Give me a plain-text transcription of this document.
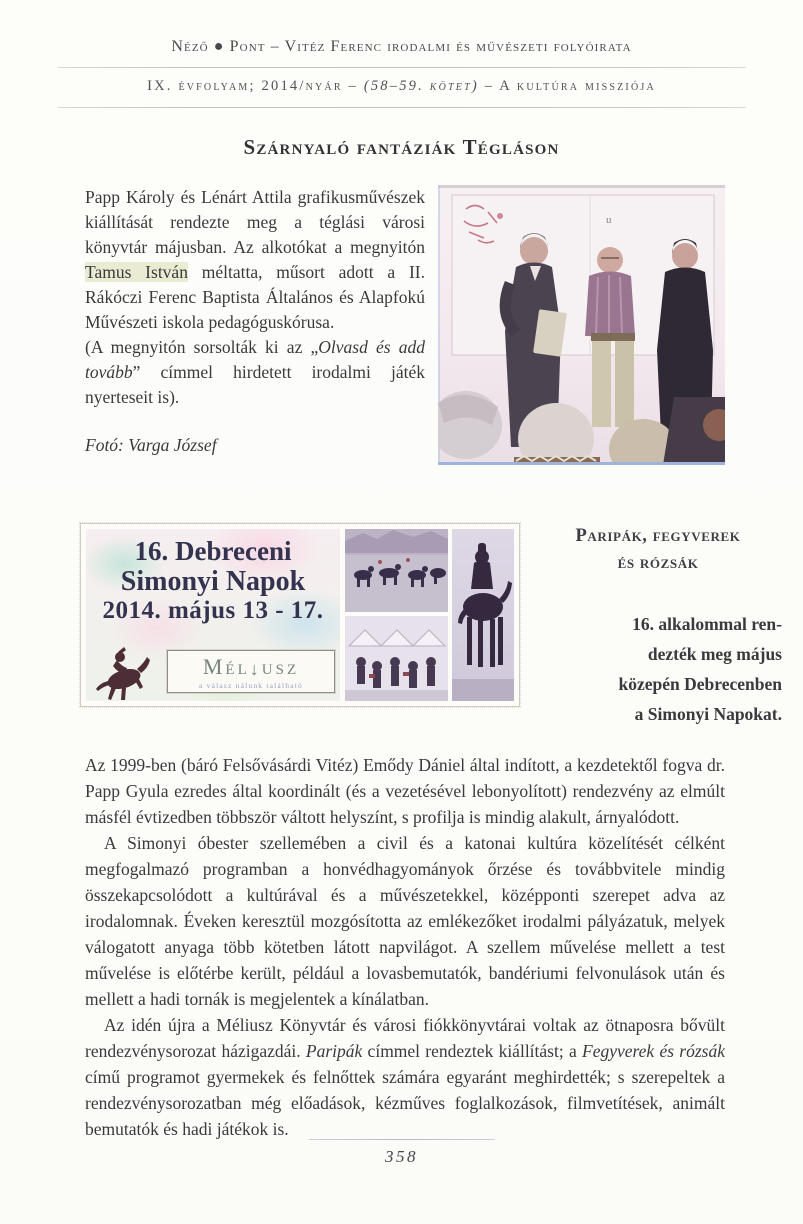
Néző ● Pont – Vitéz Ferenc irodalmi és művészeti folyóirata
IX. évfolyam; 2014/nyár – (58–59. kötet) – A kultúra missziója
Szárnyaló fantáziák Tégláson

Papp Károly és Lénárt Attila grafikusművészek kiállítását rendezte meg a téglási városi könyvtár májusban. Az alkotókat a megnyitón Tamus István méltatta, műsort adott a II. Rákóczi Ferenc Baptista Általános és Alapfokú Művészeti iskola pedagóguskórusa.

(A megnyitón sorsolták ki az „Olvasd és add tovább” címmel hirdetett irodalmi játék nyerteseit is).

Fotó: Varga József

u
16. Debreceni
Simonyi Napok
2014. május 13 - 17.
Mél↓usz
a válasz nálunk található
Paripák, fegyverek
és rózsák
16. alkalommal ren-
dezték meg május
közepén Debrecenben
a Simonyi Napokat.

Az 1999-ben (báró Felsővásárdi Vitéz) Emődy Dániel által indított, a kezdetektől fogva dr. Papp Gyula ezredes által koordinált (és a vezetésével lebonyolított) rendezvény az elmúlt másfél évtizedben többször váltott helyszínt, s profilja is mindig alakult, árnyalódott.

A Simonyi óbester szellemében a civil és a katonai kultúra közelítését célként megfogalmazó programban a honvédhagyományok őrzése és továbbvitele mindig összekapcsolódott a kultúrával és a művészetekkel, középponti szerepet adva az irodalomnak. Éveken keresztül mozgósította az emlékezőket irodalmi pályázatuk, melyek válogatott anyaga több kötetben látott napvilágot. A szellem művelése mellett a test művelése is előtérbe került, például a lovasbemutatók, bandériumi felvonulások után és mellett a hadi tornák is megjelentek a kínálatban.

Az idén újra a Méliusz Könyvtár és városi fiókkönyvtárai voltak az ötnaposra bővült rendezvénysorozat házigazdái. Paripák címmel rendeztek kiállítást; a Fegyverek és rózsák című programot gyermekek és felnőttek számára egyaránt meghirdették; s szerepeltek a rendezvénysorozatban még előadások, kézműves foglalkozások, filmvetítések, animált bemutatók és hadi játékok is.

358
